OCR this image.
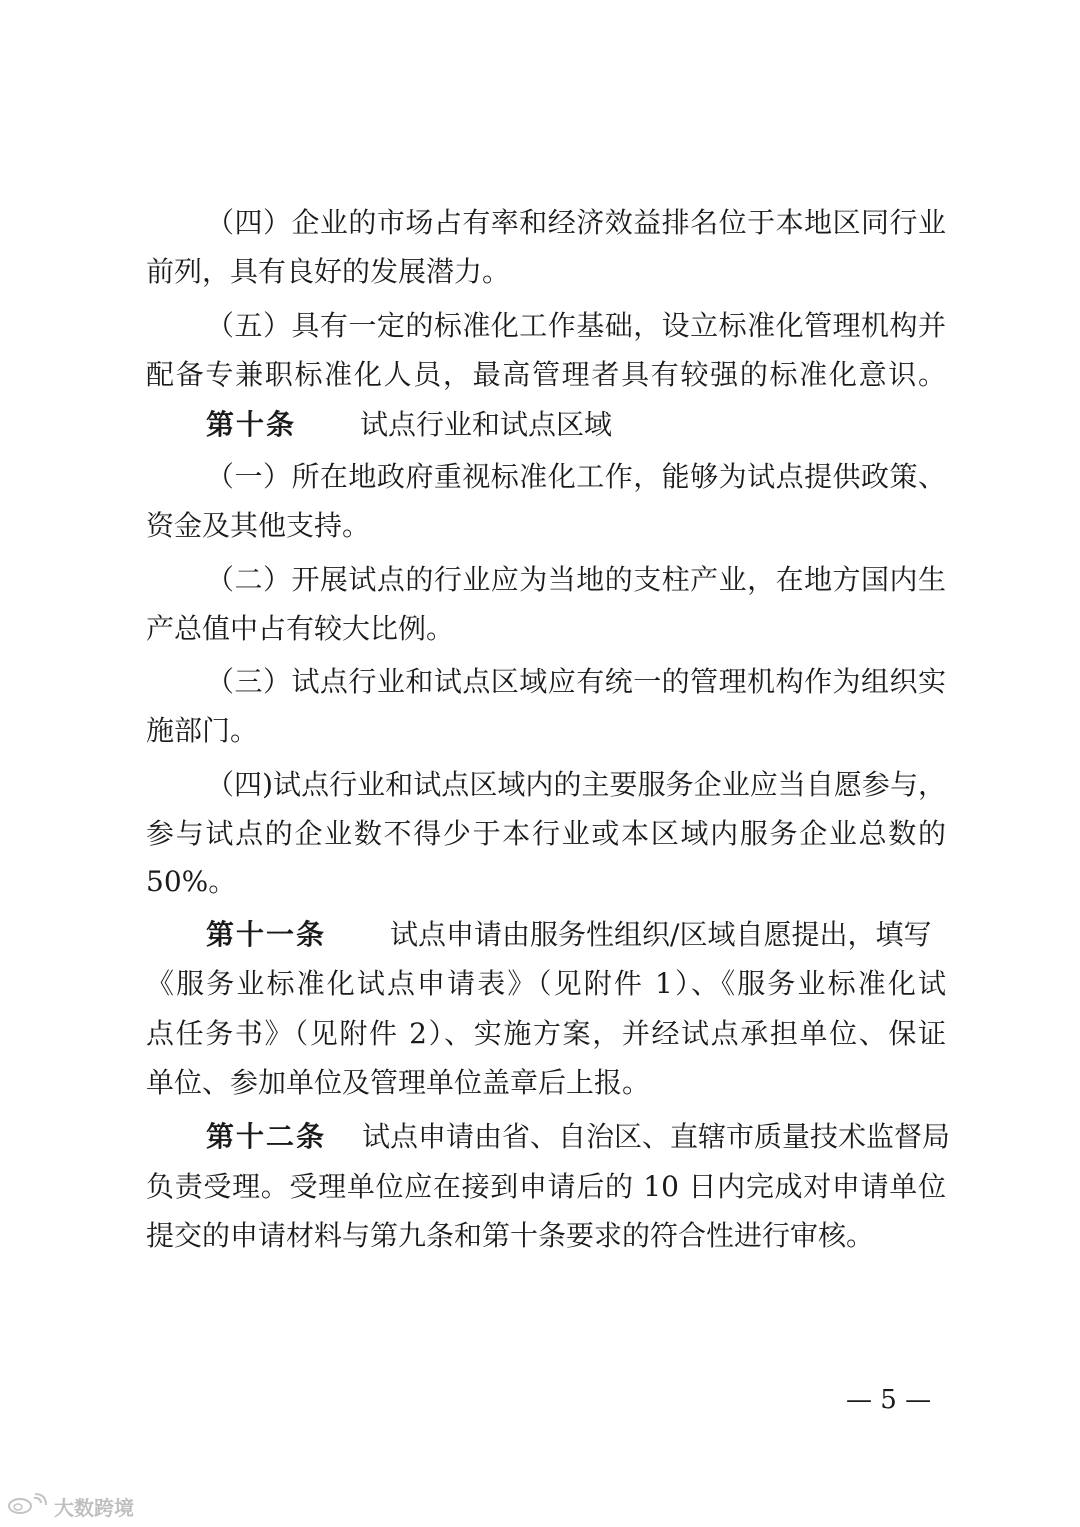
（四）企业的市场占有率和经济效益排名位于本地区同行业
前列，具有良好的发展潜力。
（五）具有一定的标准化工作基础，设立标准化管理机构并
配备专兼职标准化人员，最高管理者具有较强的标准化意识。
第十条 试点行业和试点区域
（一）所在地政府重视标准化工作，能够为试点提供政策、
资金及其他支持。
（二）开展试点的行业应为当地的支柱产业，在地方国内生
产总值中占有较大比例。
（三）试点行业和试点区域应有统一的管理机构作为组织实
施部门。
（四)试点行业和试点区域内的主要服务企业应当自愿参与，
参与试点的企业数不得少于本行业或本区域内服务企业总数的
50%。
第十一条 试点申请由服务性组织/区域自愿提出，填写
《服务业标准化试点申请表》（见附件 1）、《服务业标准化试
点任务书》（见附件 2）、实施方案，并经试点承担单位、保证
单位、参加单位及管理单位盖章后上报。
第十二条 试点申请由省、自治区、直辖市质量技术监督局
负责受理。受理单位应在接到申请后的 10 日内完成对申请单位
提交的申请材料与第九条和第十条要求的符合性进行审核。
— 5 —
大数跨境
